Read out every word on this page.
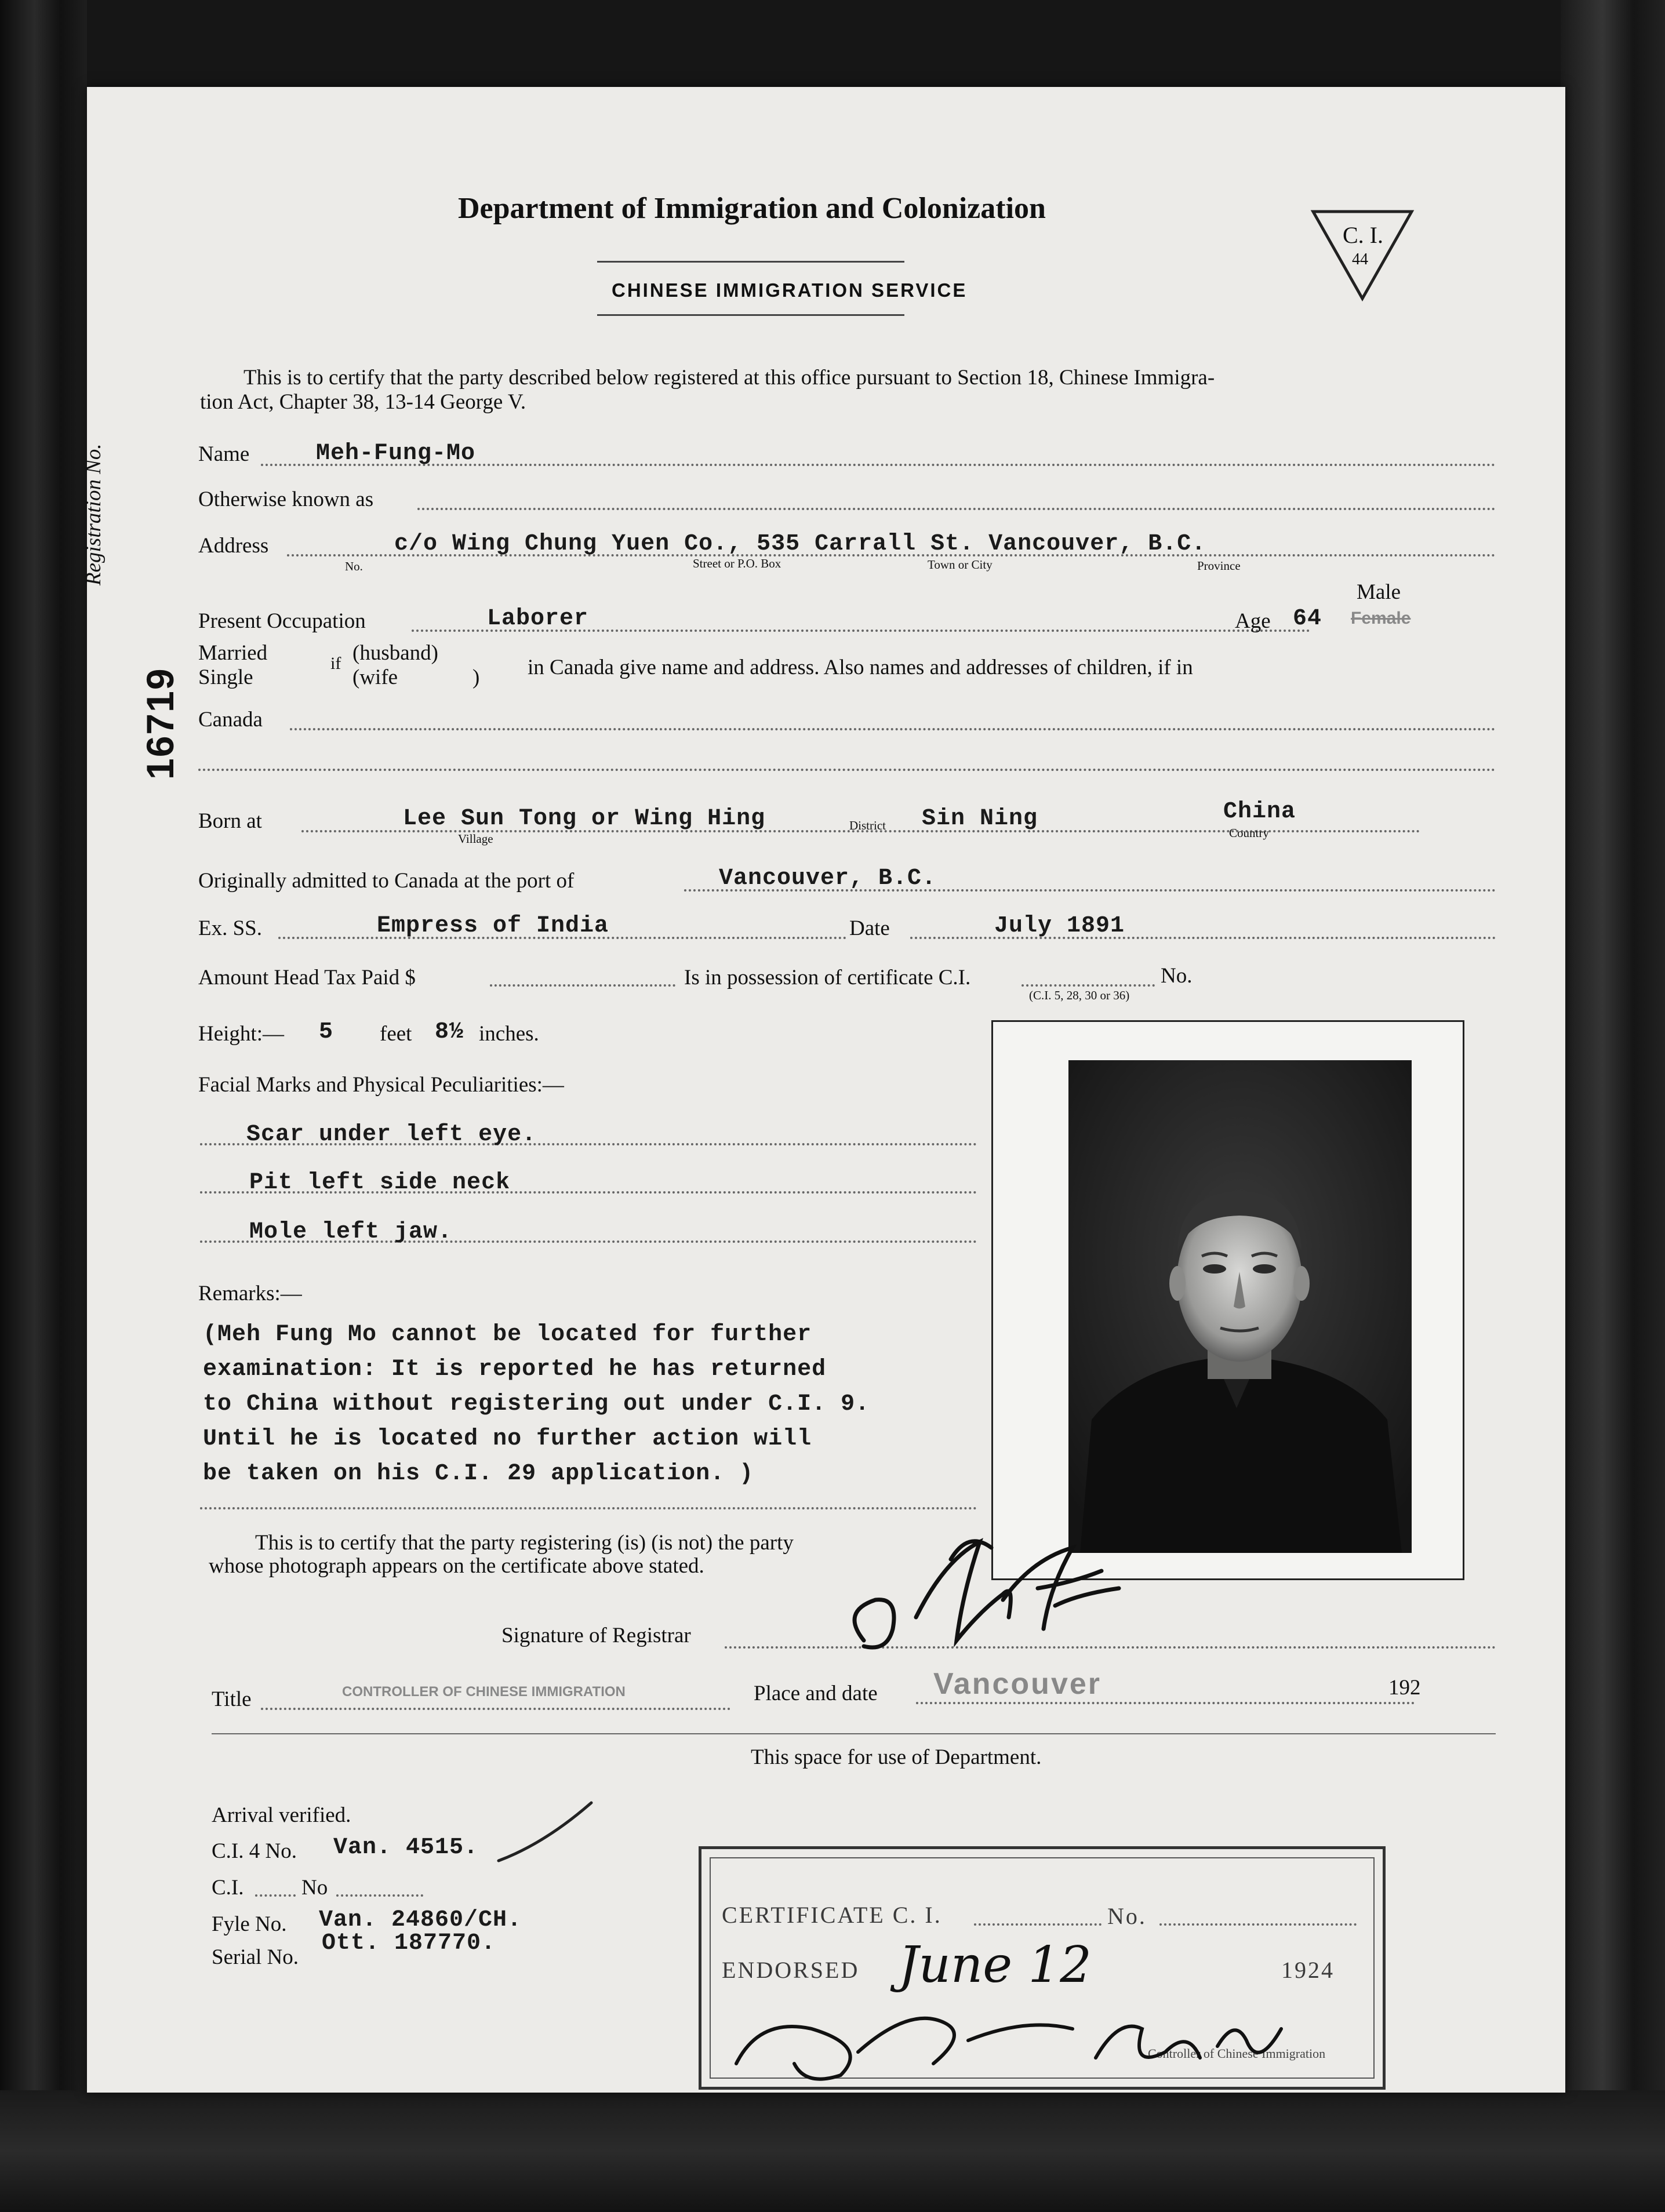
Department of Immigration and Colonization
CHINESE IMMIGRATION SERVICE
C. I.
44
Registration No.
16719
This is to certify that the party described below registered at this office pursuant to Section 18, Chinese Immigra-
tion Act, Chapter 38, 13-14 George V.
Name	Meh-Fung-Mo
Otherwise known as
Address	c/o Wing Chung Yuen Co., 535 Carrall St. Vancouver, B.C.
No.	Street or P.O. Box	Town or City	Province
Present Occupation	Laborer	Age 64
Male
Female
Married
Single
if (husband)
(wife	) in Canada give name and address. Also names and addresses of children, if in
Canada
Born at	Lee Sun Tong or Wing Hing
Village
Sin Ning
District
China
Country
Originally admitted to Canada at the port of	Vancouver, B.C.
Ex. SS.	Empress of India	Date	July 1891
Amount Head Tax Paid $	Is in possession of certificate C.I.	No.
(C.I. 5, 28, 30 or 36)
Height:— 5 feet 8½ inches.
Facial Marks and Physical Peculiarities:—
Scar under left eye.
Pit left side neck
Mole left jaw.
Remarks:—
(Meh Fung Mo cannot be located for further
examination: It is reported he has returned
to China without registering out under C.I. 9.
Until he is located no further action will
be taken on his C.I. 29 application. )
This is to certify that the party registering (is) (is not) the party
whose photograph appears on the certificate above stated.
Signature of Registrar
Title	CONTROLLER OF CHINESE IMMIGRATION	Place and date Vancouver	192
This space for use of Department.
Arrival verified.
C.I. 4 No. Van. 4515.
C.I.	No
Fyle No. Van. 24860/CH.
Serial No.
Ott. 187770.
CERTIFICATE C. I.	No.
ENDORSED June 12	1924
Controller of Chinese Immigration
